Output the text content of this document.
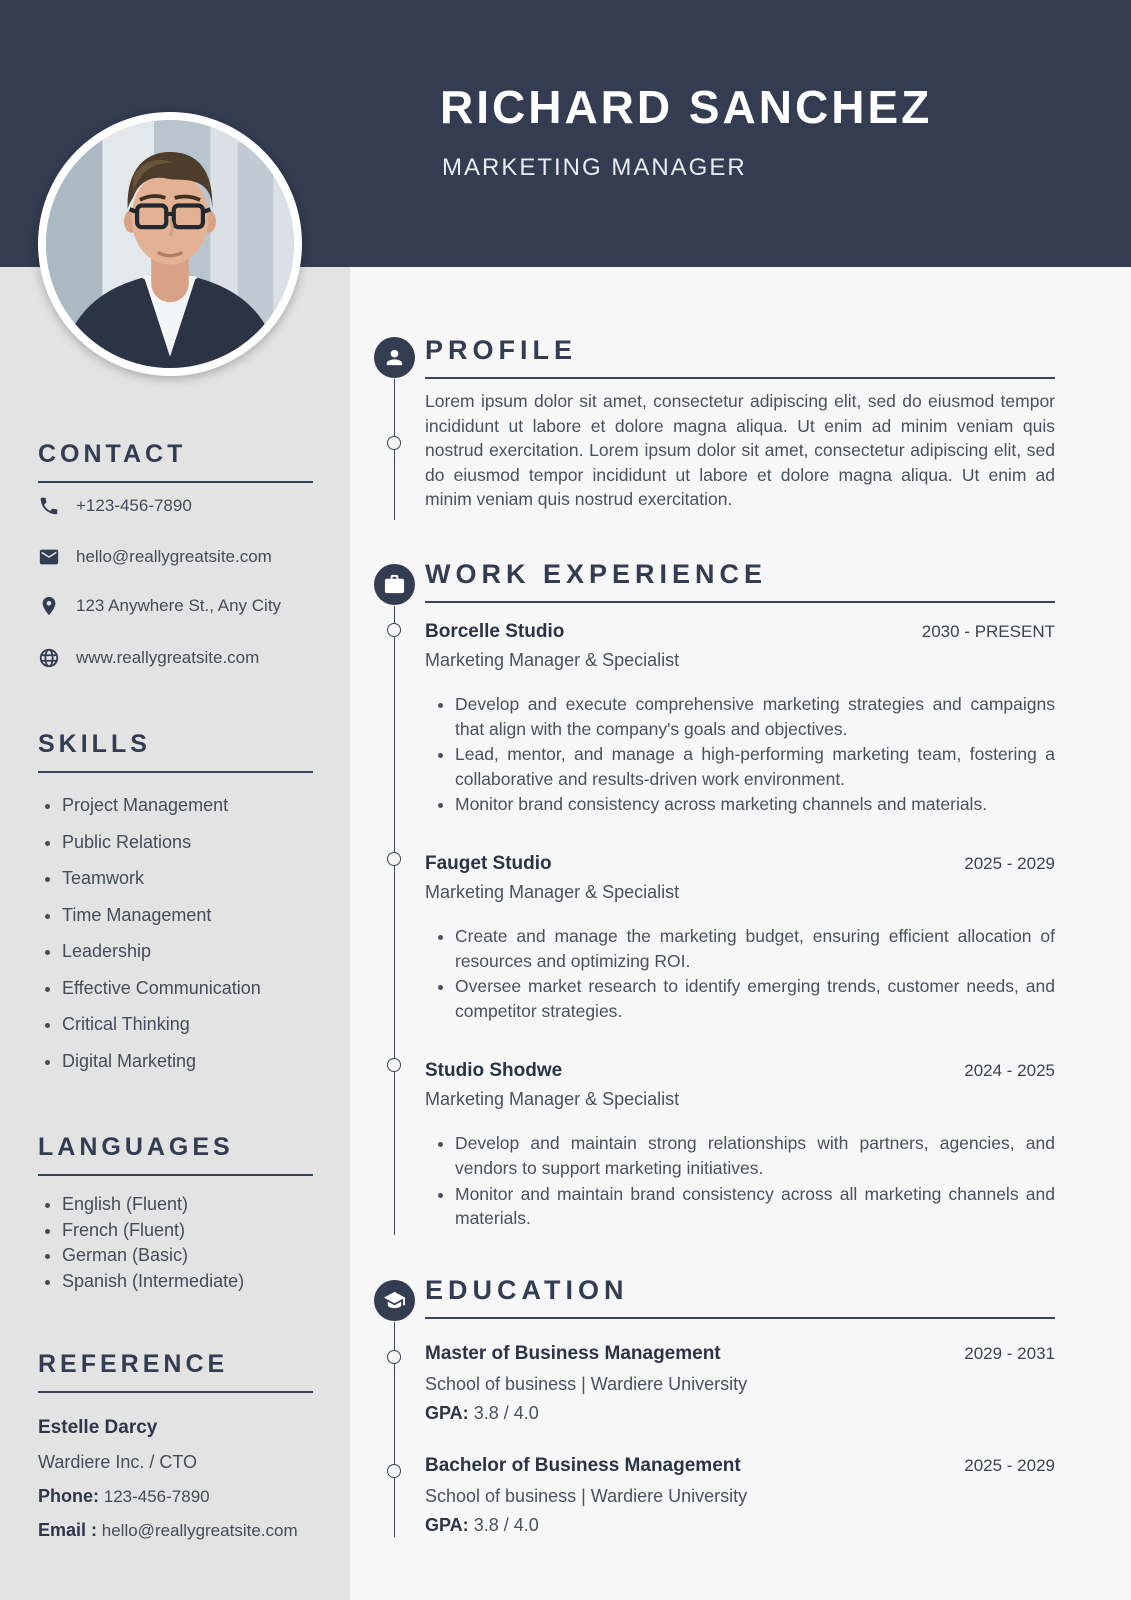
RICHARD SANCHEZ
MARKETING MANAGER
CONTACT
+123-456-7890
hello@reallygreatsite.com
123 Anywhere St., Any City
www.reallygreatsite.com
SKILLS
• Project Management
• Public Relations
• Teamwork
• Time Management
• Leadership
• Effective Communication
• Critical Thinking
• Digital Marketing
LANGUAGES
• English (Fluent)
• French (Fluent)
• German (Basic)
• Spanish (Intermediate)
REFERENCE
Estelle Darcy
Wardiere Inc. / CTO
Phone: 123-456-7890
Email : hello@reallygreatsite.com
PROFILE

Lorem ipsum dolor sit amet, consectetur adipiscing elit, sed do eiusmod tempor incididunt ut labore et dolore magna aliqua. Ut enim ad minim veniam quis nostrud exercitation. Lorem ipsum dolor sit amet, consectetur adipiscing elit, sed do eiusmod tempor incididunt ut labore et dolore magna aliqua. Ut enim ad minim veniam quis nostrud exercitation.

WORK EXPERIENCE
Borcelle Studio	2030 - PRESENT
Marketing Manager & Specialist
• Develop and execute comprehensive marketing strategies and campaigns that align with the company's goals and objectives.
• Lead, mentor, and manage a high-performing marketing team, fostering a collaborative and results-driven work environment.
• Monitor brand consistency across marketing channels and materials.
Fauget Studio	2025 - 2029
Marketing Manager & Specialist
• Create and manage the marketing budget, ensuring efficient allocation of resources and optimizing ROI.
• Oversee market research to identify emerging trends, customer needs, and competitor strategies.
Studio Shodwe	2024 - 2025
Marketing Manager & Specialist
• Develop and maintain strong relationships with partners, agencies, and vendors to support marketing initiatives.
• Monitor and maintain brand consistency across all marketing channels and materials.
EDUCATION
Master of Business Management	2029 - 2031
School of business | Wardiere University
GPA: 3.8 / 4.0
Bachelor of Business Management	2025 - 2029
School of business | Wardiere University
GPA: 3.8 / 4.0
